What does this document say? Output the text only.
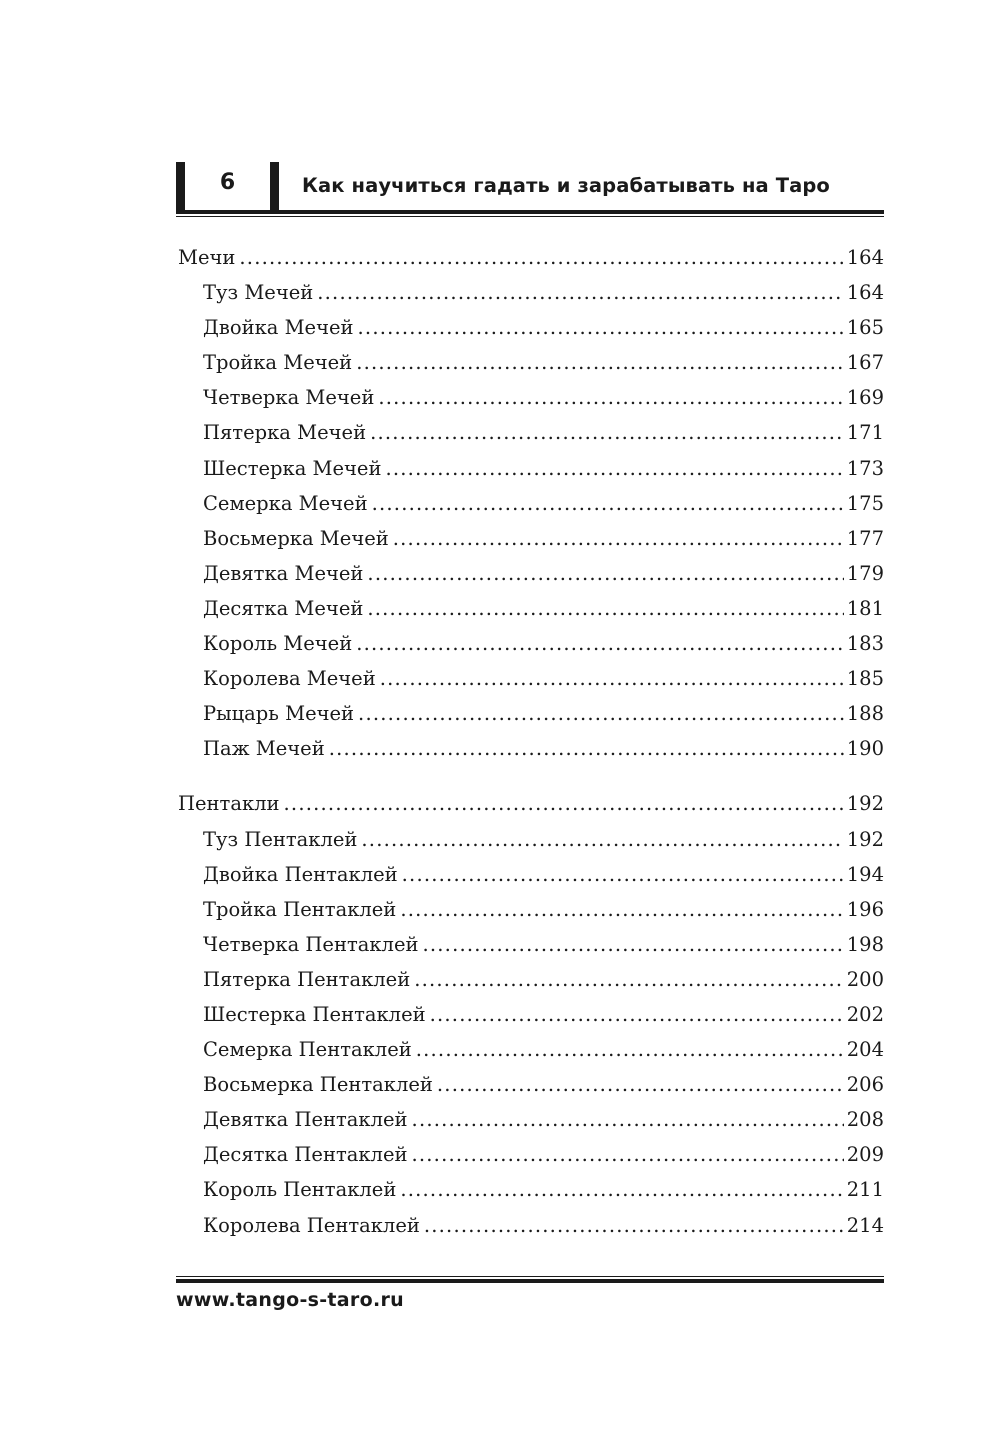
6	Как научиться гадать и зарабатывать на Таро
Мечи .....	164
Туз Мечей .....	164
Двойка Мечей .....	165
Тройка Мечей .....	167
Четверка Мечей .....	169
Пятерка Мечей .....	171
Шестерка Мечей .....	173
Семерка Мечей .....	175
Восьмерка Мечей .....	177
Девятка Мечей .....	179
Десятка Мечей .....	181
Король Мечей .....	183
Королева Мечей .....	185
Рыцарь Мечей .....	188
Паж Мечей .....	190
Пентакли .....	192
Туз Пентаклей .....	192
Двойка Пентаклей .....	194
Тройка Пентаклей .....	196
Четверка Пентаклей .....	198
Пятерка Пентаклей .....	200
Шестерка Пентаклей .....	202
Семерка Пентаклей .....	204
Восьмерка Пентаклей .....	206
Девятка Пентаклей .....	208
Десятка Пентаклей .....	209
Король Пентаклей .....	211
Королева Пентаклей .....	214
www.tango-s-taro.ru
